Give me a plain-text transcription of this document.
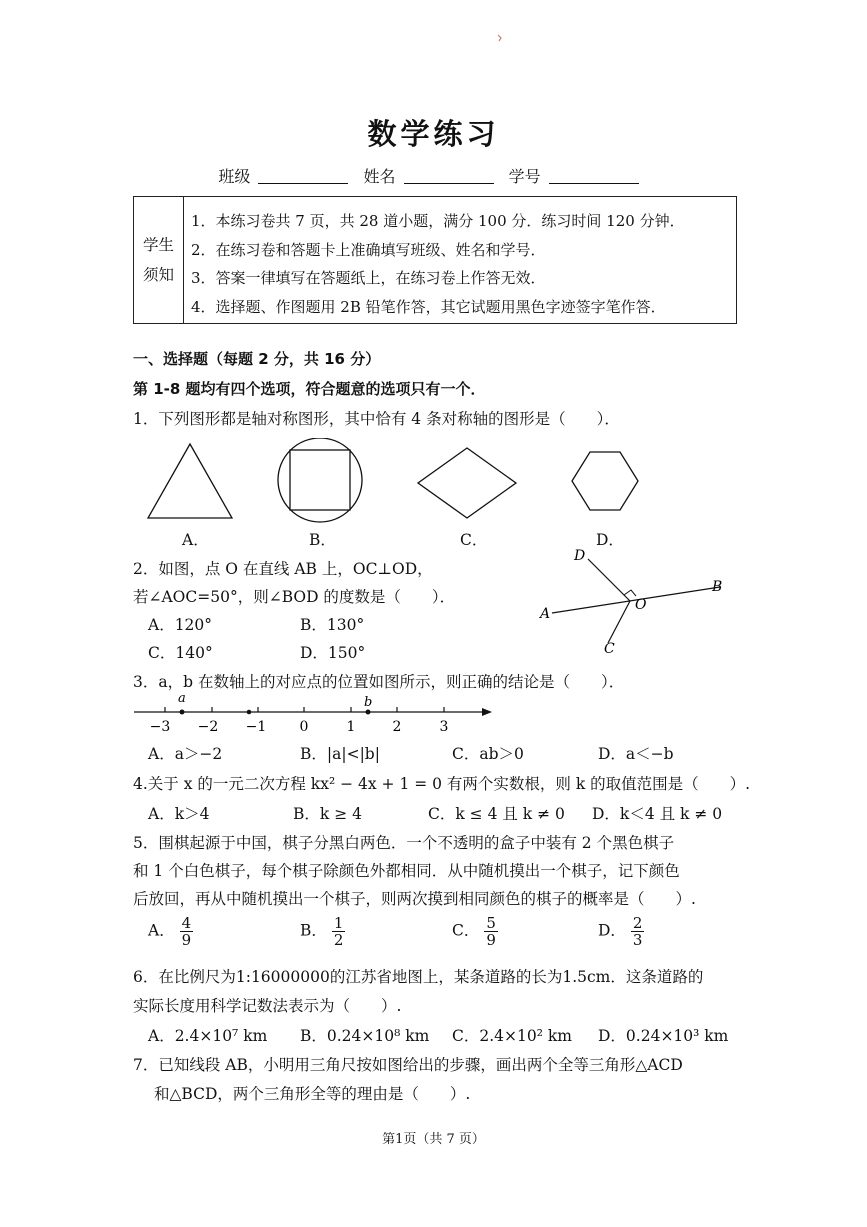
数学练习
班级	姓名	学号
学生
须知
1．本练习卷共 7 页，共 28 道小题，满分 100 分．练习时间 120 分钟．
2．在练习卷和答题卡上准确填写班级、姓名和学号．
3．答案一律填写在答题纸上，在练习卷上作答无效．
4．选择题、作图题用 2B 铅笔作答，其它试题用黑色字迹签字笔作答．
一、选择题（每题 2 分，共 16 分）
第 1-8 题均有四个选项，符合题意的选项只有一个．
1．下列图形都是轴对称图形，其中恰有 4 条对称轴的图形是（　　）．
A．	B．	C．	D．
2．如图，点 O 在直线 AB 上，OC⊥OD，
若∠AOC=50°，则∠BOD 的度数是（　　）．
A．120°	B．130°
C．140°	D．150°
D
B
A
O
C
3．a，b 在数轴上的对应点的位置如图所示，则正确的结论是（　　）．
a	b
−3 −2 −1 0	1	2	3
A．a＞−2	B．|a|<|b|	C．ab＞0	D．a＜−b
4.关于 x 的一元二次方程 kx² − 4x + 1 = 0 有两个实数根，则 k 的取值范围是（　　）.
A．k＞4	B．k ≥ 4	C．k ≤ 4 且 k ≠ 0 D．k＜4 且 k ≠ 0
5．围棋起源于中国，棋子分黑白两色．一个不透明的盒子中装有 2 个黑色棋子
和 1 个白色棋子，每个棋子除颜色外都相同．从中随机摸出一个棋子，记下颜色
后放回，再从中随机摸出一个棋子，则两次摸到相同颜色的棋子的概率是（　　）.
A． $\frac{4}{9}$	B． $\frac{1}{2}$	C． $\frac{5}{9}$	D． $\frac{2}{3}$
6．在比例尺为1:16000000的江苏省地图上，某条道路的长为1.5cm．这条道路的
实际长度用科学记数法表示为（　　）.
A．2.4×10⁷ km B．0.24×10⁸ km C．2.4×10² km D．0.24×10³ km
7．已知线段 AB，小明用三角尺按如图给出的步骤，画出两个全等三角形△ACD
和△BCD，两个三角形全等的理由是（　　）.
第1页（共 7 页）
